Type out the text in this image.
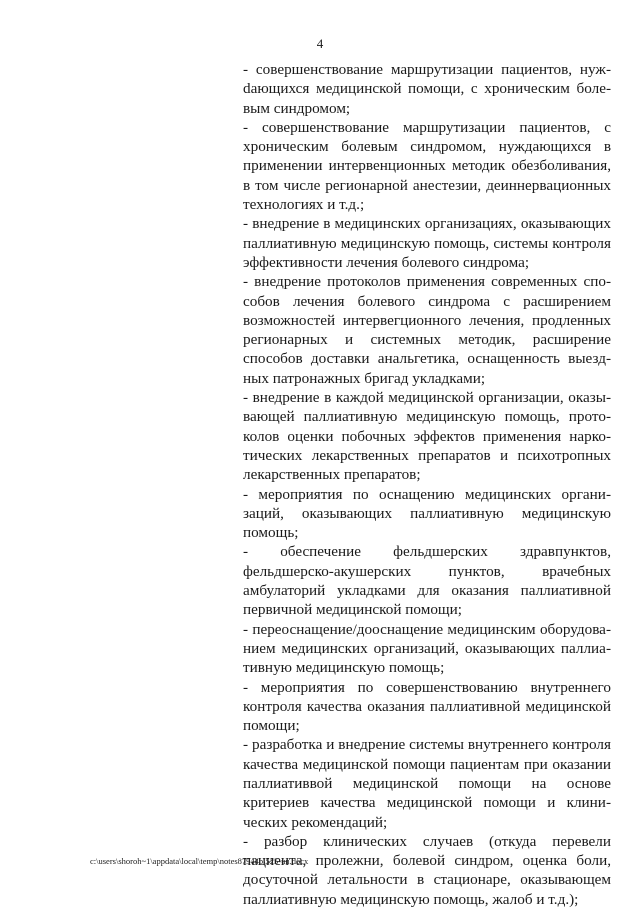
4

- совершенствование маршрутизации пациентов, нужdающихся медицинской помощи, с хроническим болевым синдромом;

- совершенствование маршрутизации пациентов, с хроническим болевым синдромом, нуждающихся в применении интервенционных методик обезболивания, в том числе регионарной анестезии, деиннервационных технологиях и т.д.;

- внедрение в медицинских организациях, оказывающих паллиативную медицинскую помощь, системы контроля эффективности лечения болевого синдрома;

- внедрение протоколов применения современных способов лечения болевого синдрома с расширением возможностей интервегционного лечения, продленных регионарных и системных методик, расширение способов доставки анальгетика, оснащенность выездных патронажных бригад укладками;

- внедрение в каждой медицинской организации, оказывающей паллиативную медицинскую помощь, протоколов оценки побочных эффектов применения наркотических лекарственных препаратов и психотропных лекарственных препаратов;

- мероприятия по оснащению медицинских организаций, оказывающих паллиативную медицинскую помощь;

- обеспечение фельдшерских здравпунктов, фельдшерско-акушерских пунктов, врачебных амбулаторий укладками для оказания паллиативной первичной медицинской помощи;

- переоснащение/дооснащение медицинским оборудованием медицинских организаций, оказывающих паллиативную медицинскую помощь;

- мероприятия по совершенствованию внутреннего контроля качества оказания паллиативной медицинской помощи;

- разработка и внедрение системы внутреннего контроля качества медицинской помощи пациентам при оказании паллиативвой медицинской помощи на основе критериев качества медицинской помощи и клинических рекомендаций;

- разбор клинических случаев (откуда перевели пациента, пролежни, болевой синдром, оценка боли, досуточной летальности в стационаре, оказывающем паллиативную медицинскую помощь, жалоб и т.д.);

c:\users\shoroh~1\appdata\local\temp\notes87944b\525-un.docx
